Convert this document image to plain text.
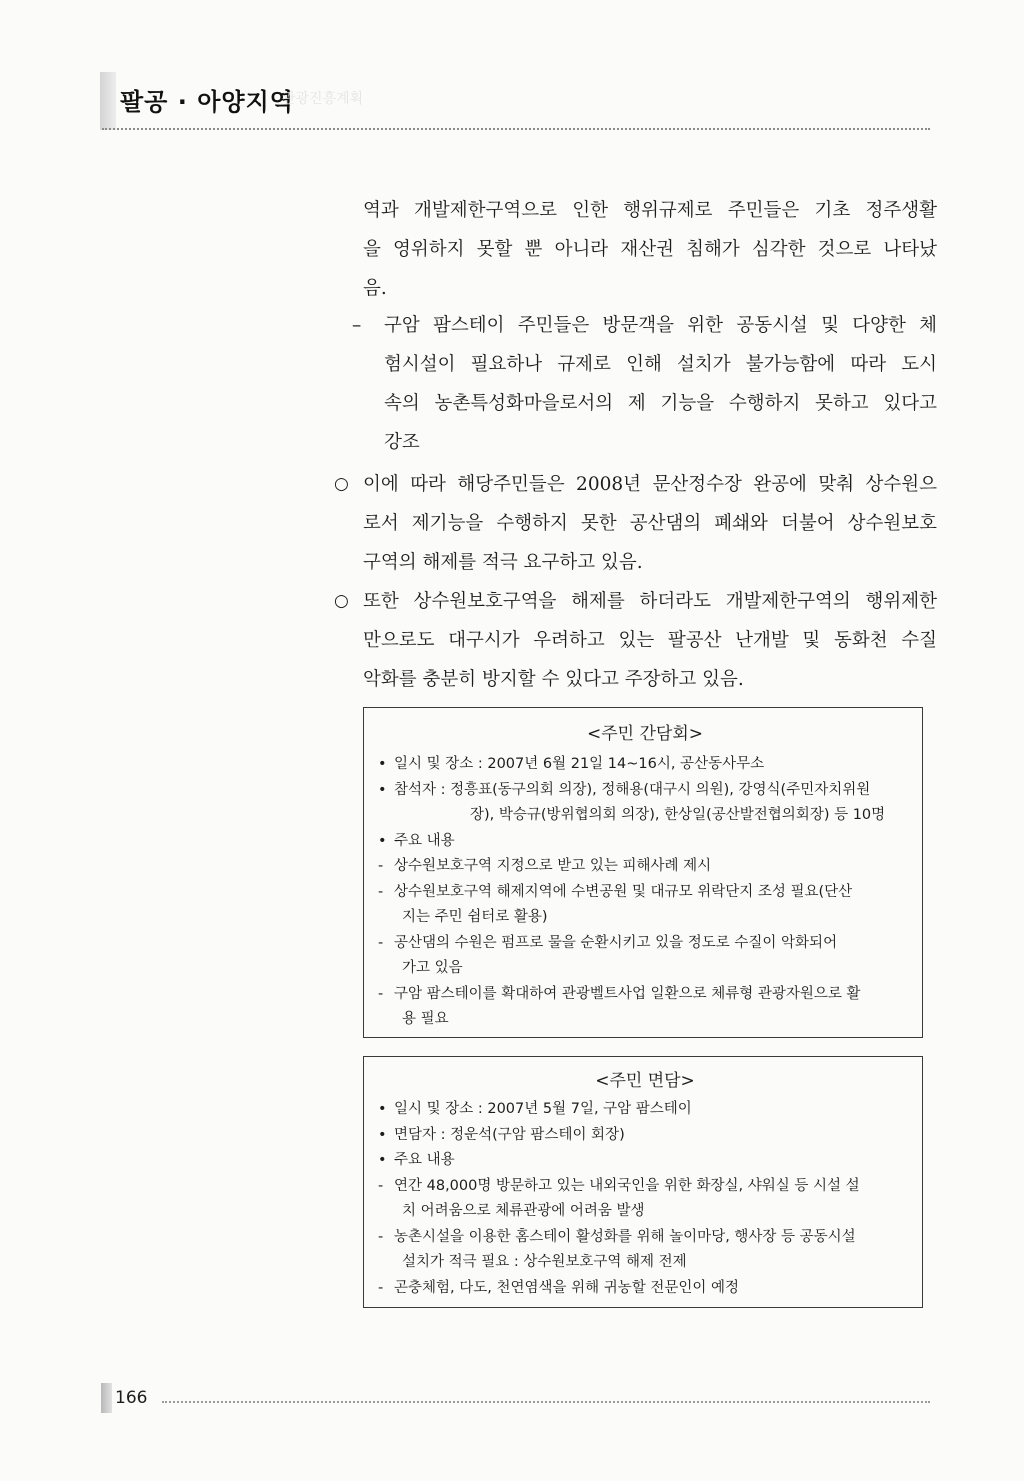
팔공 · 아양지역
관광진흥계획

역과 개발제한구역으로 인한 행위규제로 주민들은 기초 정주생활

을 영위하지 못할 뿐 아니라 재산권 침해가 심각한 것으로 나타났

음.

– 구암 팜스테이 주민들은 방문객을 위한 공동시설 및 다양한 체

험시설이 필요하나 규제로 인해 설치가 불가능함에 따라 도시

속의 농촌특성화마을로서의 제 기능을 수행하지 못하고 있다고

강조

○ 이에 따라 해당주민들은 2008년 문산정수장 완공에 맞춰 상수원으

로서 제기능을 수행하지 못한 공산댐의 폐쇄와 더불어 상수원보호

구역의 해제를 적극 요구하고 있음.

○ 또한 상수원보호구역을 해제를 하더라도 개발제한구역의 행위제한

만으로도 대구시가 우려하고 있는 팔공산 난개발 및 동화천 수질

악화를 충분히 방지할 수 있다고 주장하고 있음.

<주민 간담회>
• 일시 및 장소 : 2007년 6월 21일 14~16시, 공산동사무소
• 참석자 : 정흥표(동구의회 의장), 정해용(대구시 의원), 강영식(주민자치위원
장), 박승규(방위협의회 의장), 한상일(공산발전협의회장) 등 10명
• 주요 내용
- 상수원보호구역 지정으로 받고 있는 피해사례 제시
- 상수원보호구역 해제지역에 수변공원 및 대규모 위락단지 조성 필요(단산
지는 주민 쉼터로 활용)
- 공산댐의 수원은 펌프로 물을 순환시키고 있을 정도로 수질이 악화되어
가고 있음
- 구암 팜스테이를 확대하여 관광벨트사업 일환으로 체류형 관광자원으로 활
용 필요
<주민 면담>
• 일시 및 장소 : 2007년 5월 7일, 구암 팜스테이
• 면담자 : 정운석(구암 팜스테이 회장)
• 주요 내용
- 연간 48,000명 방문하고 있는 내외국인을 위한 화장실, 샤워실 등 시설 설
치 어려움으로 체류관광에 어려움 발생
- 농촌시설을 이용한 홈스테이 활성화를 위해 놀이마당, 행사장 등 공동시설
설치가 적극 필요 : 상수원보호구역 해제 전제
- 곤충체험, 다도, 천연염색을 위해 귀농할 전문인이 예정
166
